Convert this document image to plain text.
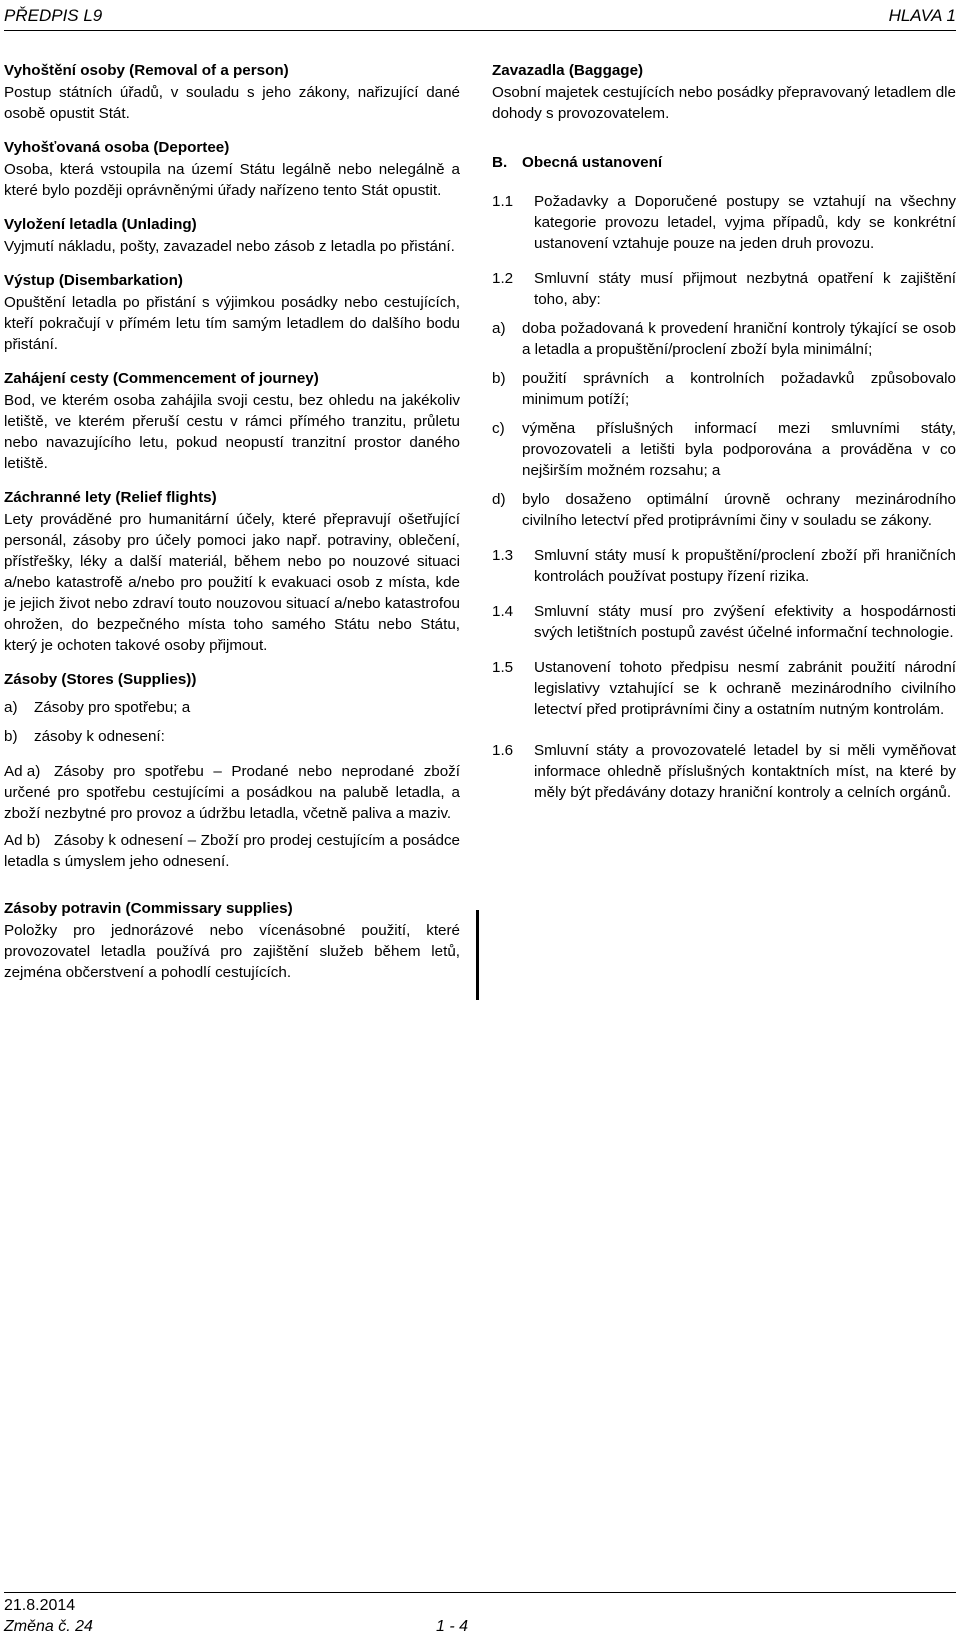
PŘEDPIS L9	HLAVA 1
Vyhoštění osoby (Removal of a person)

Postup státních úřadů, v souladu s jeho zákony, nařizující dané osobě opustit Stát.

Vyhošťovaná osoba (Deportee)

Osoba, která vstoupila na území Státu legálně nebo nelegálně a které bylo později oprávněnými úřady nařízeno tento Stát opustit.

Vyložení letadla (Unlading)

Vyjmutí nákladu, pošty, zavazadel nebo zásob z letadla po přistání.

Výstup (Disembarkation)

Opuštění letadla po přistání s výjimkou posádky nebo cestujících, kteří pokračují v přímém letu tím samým letadlem do dalšího bodu přistání.

Zahájení cesty (Commencement of journey)

Bod, ve kterém osoba zahájila svoji cestu, bez ohledu na jakékoliv letiště, ve kterém přeruší cestu v rámci přímého tranzitu, průletu nebo navazujícího letu, pokud neopustí tranzitní prostor daného letiště.

Záchranné lety (Relief flights)

Lety prováděné pro humanitární účely, které přepravují ošetřující personál, zásoby pro účely pomoci jako např. potraviny, oblečení, přístřešky, léky a další materiál, během nebo po nouzové situaci a/nebo katastrofě a/nebo pro použití k evakuaci osob z místa, kde je jejich život nebo zdraví touto nouzovou situací a/nebo katastrofou ohrožen, do bezpečného místa toho samého Státu nebo Státu, který je ochoten takové osoby přijmout.

Zásoby (Stores (Supplies))
a)	Zásoby pro spotřebu; a
b)	zásoby k odnesení:
Ad a) Zásoby pro spotřebu – Prodané nebo neprodané zboží určené pro spotřebu cestujícími a posádkou na palubě letadla, a zboží nezbytné pro provoz a údržbu letadla, včetně paliva a maziv.
Ad b) Zásoby k odnesení – Zboží pro prodej cestujícím a posádce letadla s úmyslem jeho odnesení.
Zásoby potravin (Commissary supplies)

Položky pro jednorázové nebo vícenásobné použití, které provozovatel letadla používá pro zajištění služeb během letů, zejména občerstvení a pohodlí cestujících.

Zavazadla (Baggage)

Osobní majetek cestujících nebo posádky přepravovaný letadlem dle dohody s provozovatelem.

B. Obecná ustanovení
1.1	Požadavky a Doporučené postupy se vztahují na všechny kategorie provozu letadel, vyjma případů, kdy se konkrétní ustanovení vztahuje pouze na jeden druh provozu.
1.2	Smluvní státy musí přijmout nezbytná opatření k zajištění toho, aby:
a)	doba požadovaná k provedení hraniční kontroly týkající se osob a letadla a propuštění/proclení zboží byla minimální;
b)	použití správních a kontrolních požadavků způsobovalo minimum potíží;
c)	výměna příslušných informací mezi smluvními státy, provozovateli a letišti byla podporována a prováděna v co nejširším možném rozsahu; a
d)	bylo dosaženo optimální úrovně ochrany mezinárodního civilního letectví před protiprávními činy v souladu se zákony.
1.3	Smluvní státy musí k propuštění/proclení zboží při hraničních kontrolách používat postupy řízení rizika.
1.4	Smluvní státy musí pro zvýšení efektivity a hospodárnosti svých letištních postupů zavést účelné informační technologie.
1.5	Ustanovení tohoto předpisu nesmí zabránit použití národní legislativy vztahující se k ochraně mezinárodního civilního letectví před protiprávními činy a ostatním nutným kontrolám.
1.6	Smluvní státy a provozovatelé letadel by si měli vyměňovat informace ohledně příslušných kontaktních míst, na které by měly být předávány dotazy hraniční kontroly a celních orgánů.
21.8.2014
Změna č. 24	1 - 4
